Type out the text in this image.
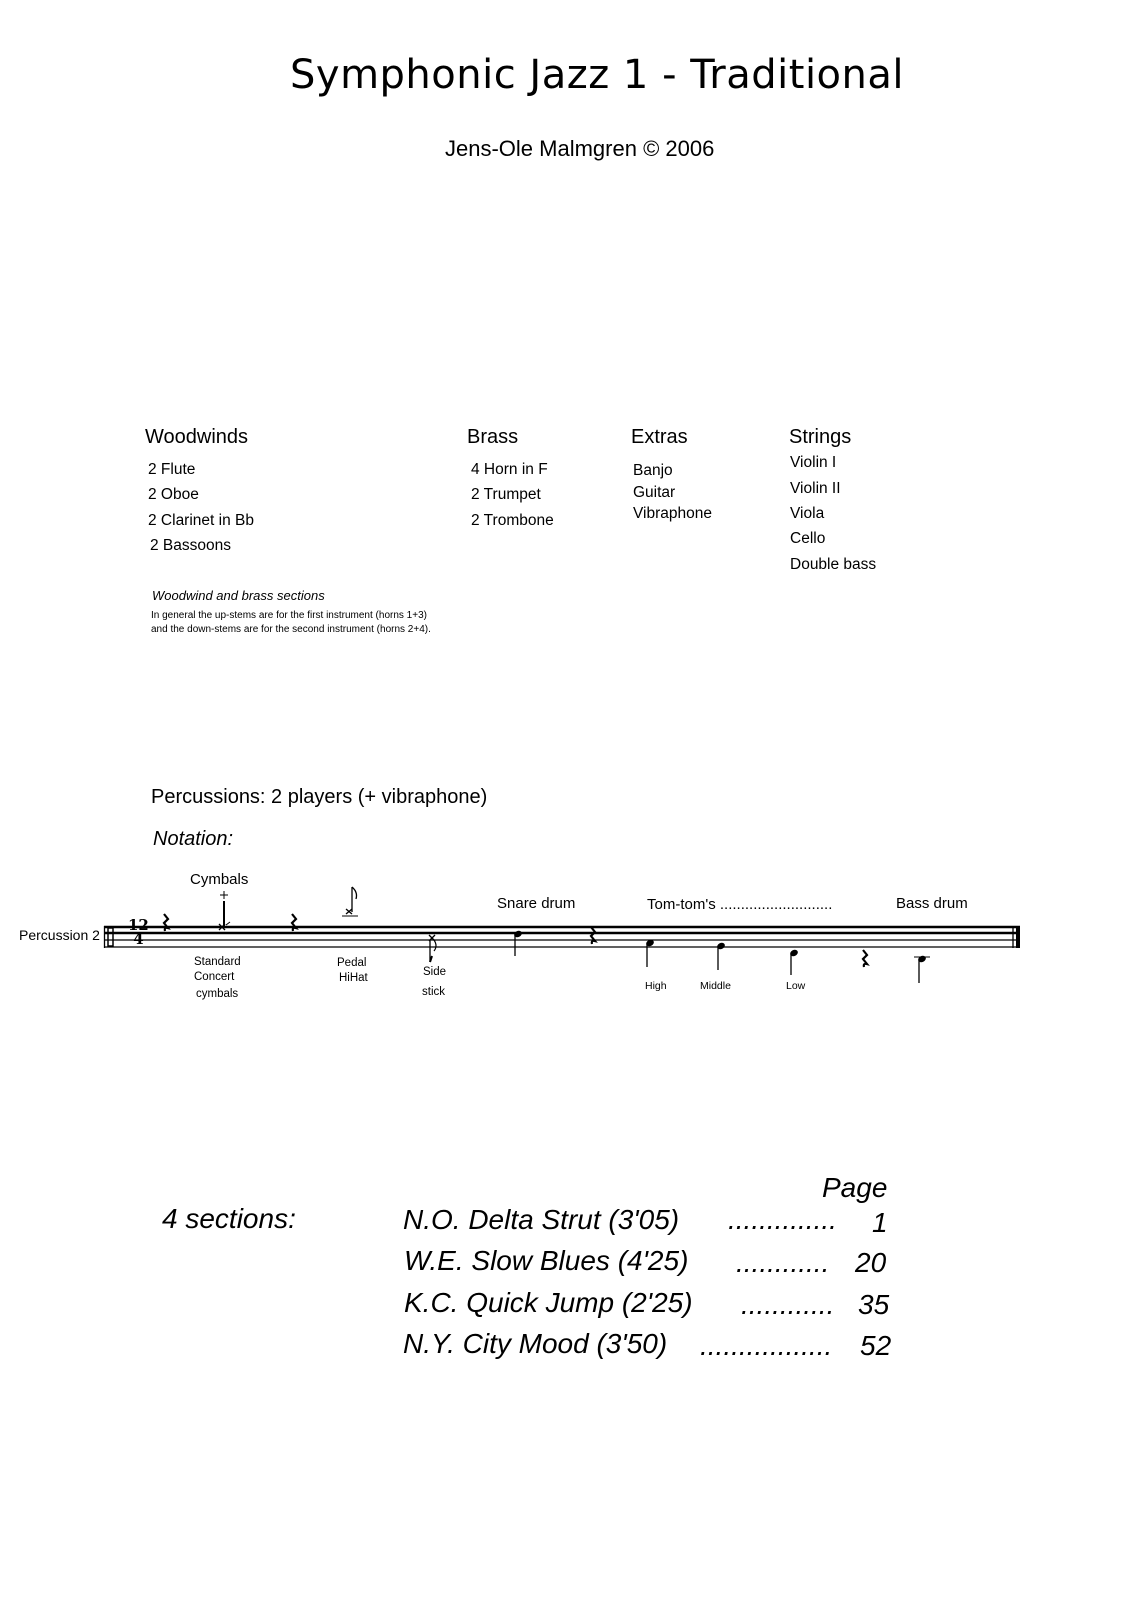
Symphonic Jazz 1 - Traditional
Jens-Ole Malmgren © 2006
Woodwinds
2 Flute
2 Oboe
2 Clarinet in Bb
2 Bassoons
Brass
4 Horn in F
2 Trumpet
2 Trombone
Extras
Banjo
Guitar
Vibraphone
Strings
Violin I
Violin II
Viola
Cello
Double bass
Woodwind and brass sections
In general the up-stems are for the first instrument (horns 1+3)
and the down-stems are for the second instrument (horns 2+4).
Percussions: 2 players (+ vibraphone)
Notation:
Percussion 2
12
4
Cymbals
Snare drum	Tom-tom's ...........................	Bass drum
Standard
Concert
cymbals
Pedal
HiHat	Side
stick	High	Middle	Low
Page
4 sections:	N.O. Delta Strut (3'05) .............. 1
W.E. Slow Blues (4'25) ............ 20
K.C. Quick Jump (2'25) ............ 35
N.Y. City Mood (3'50) ................. 52
